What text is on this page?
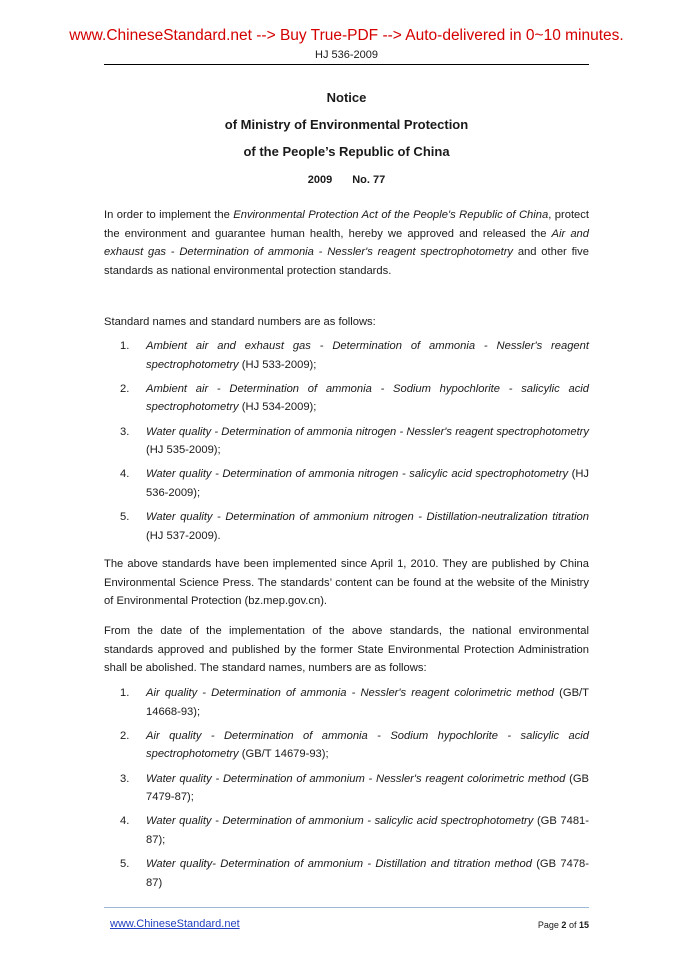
www.ChineseStandard.net --> Buy True-PDF --> Auto-delivered in 0~10 minutes.
HJ 536-2009
Notice
of Ministry of Environmental Protection
of the People’s Republic of China
2009 No. 77

In order to implement the Environmental Protection Act of the People's Republic of China, protect the environment and guarantee human health, hereby we approved and released the Air and exhaust gas - Determination of ammonia - Nessler's reagent spectrophotometry and other five standards as national environmental protection standards.

Standard names and standard numbers are as follows:

1. Ambient air and exhaust gas - Determination of ammonia - Nessler's reagent spectrophotometry (HJ 533-2009);
2. Ambient air - Determination of ammonia - Sodium hypochlorite - salicylic acid spectrophotometry (HJ 534-2009);
3. Water quality - Determination of ammonia nitrogen - Nessler's reagent spectrophotometry (HJ 535-2009);
4. Water quality - Determination of ammonia nitrogen - salicylic acid spectrophotometry (HJ 536-2009);
5. Water quality - Determination of ammonium nitrogen - Distillation-neutralization titration (HJ 537-2009).

The above standards have been implemented since April 1, 2010. They are published by China Environmental Science Press. The standards’ content can be found at the website of the Ministry of Environmental Protection (bz.mep.gov.cn).

From the date of the implementation of the above standards, the national environmental standards approved and published by the former State Environmental Protection Administration shall be abolished. The standard names, numbers are as follows:

1. Air quality - Determination of ammonia - Nessler's reagent colorimetric method (GB/T 14668-93);
2. Air quality - Determination of ammonia - Sodium hypochlorite - salicylic acid spectrophotometry (GB/T 14679-93);
3. Water quality - Determination of ammonium - Nessler's reagent colorimetric method (GB 7479-87);
4. Water quality - Determination of ammonium - salicylic acid spectrophotometry (GB 7481-87);
5. Water quality- Determination of ammonium - Distillation and titration method (GB 7478-87)
www.ChineseStandard.net	Page 2 of 15
